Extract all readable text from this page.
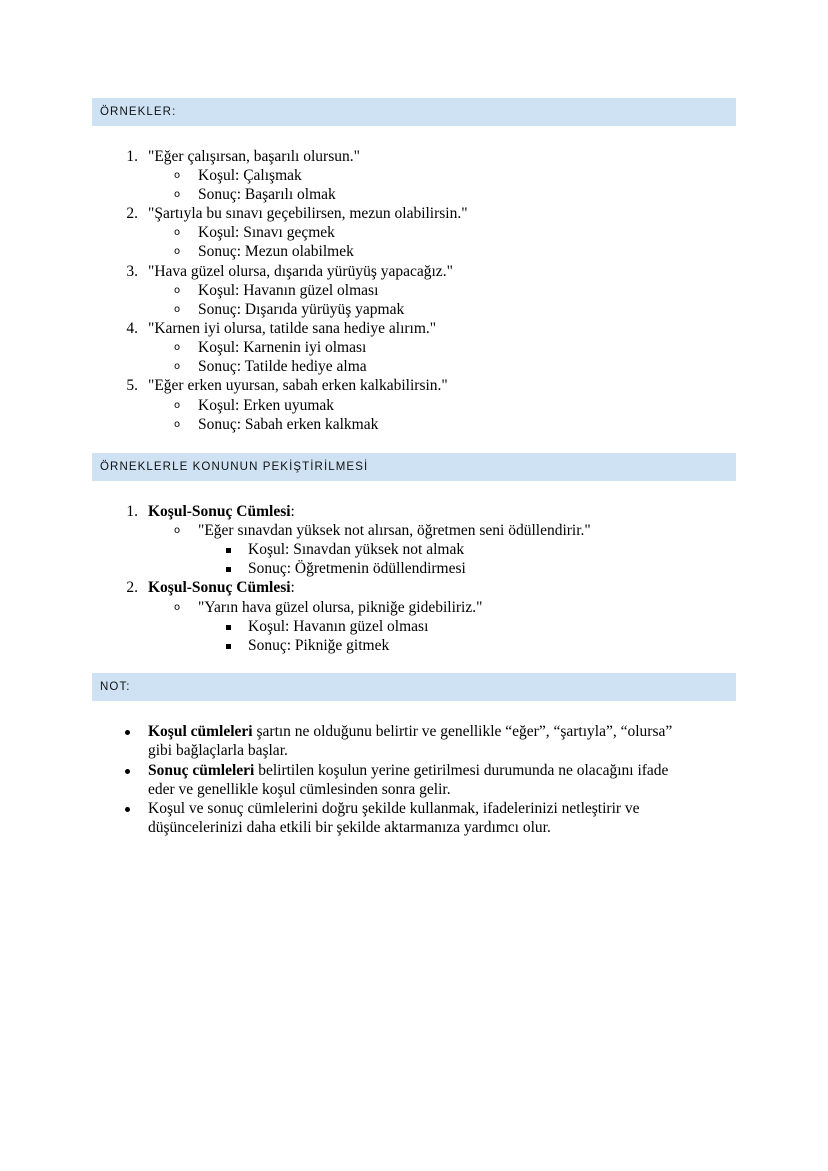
ÖRNEKLER:
1. "Eğer çalışırsan, başarılı olursun."
o Koşul: Çalışmak
o Sonuç: Başarılı olmak
2. "Şartıyla bu sınavı geçebilirsen, mezun olabilirsin."
o Koşul: Sınavı geçmek
o Sonuç: Mezun olabilmek
3. "Hava güzel olursa, dışarıda yürüyüş yapacağız."
o Koşul: Havanın güzel olması
o Sonuç: Dışarıda yürüyüş yapmak
4. "Karnen iyi olursa, tatilde sana hediye alırım."
o Koşul: Karnenin iyi olması
o Sonuç: Tatilde hediye alma
5. "Eğer erken uyursan, sabah erken kalkabilirsin."
o Koşul: Erken uyumak
o Sonuç: Sabah erken kalkmak
ÖRNEKLERLE KONUNUN PEKİŞTİRİLMESİ
1. Koşul-Sonuç Cümlesi:
o "Eğer sınavdan yüksek not alırsan, öğretmen seni ödüllendirir."
Koşul: Sınavdan yüksek not almak
Sonuç: Öğretmenin ödüllendirmesi
2. Koşul-Sonuç Cümlesi:
o "Yarın hava güzel olursa, pikniğe gidebiliriz."
Koşul: Havanın güzel olması
Sonuç: Pikniğe gitmek
NOT:
Koşul cümleleri şartın ne olduğunu belirtir ve genellikle “eğer”, “şartıyla”, “olursa”
gibi bağlaçlarla başlar.
Sonuç cümleleri belirtilen koşulun yerine getirilmesi durumunda ne olacağını ifade
eder ve genellikle koşul cümlesinden sonra gelir.
Koşul ve sonuç cümlelerini doğru şekilde kullanmak, ifadelerinizi netleştirir ve
düşüncelerinizi daha etkili bir şekilde aktarmanıza yardımcı olur.
